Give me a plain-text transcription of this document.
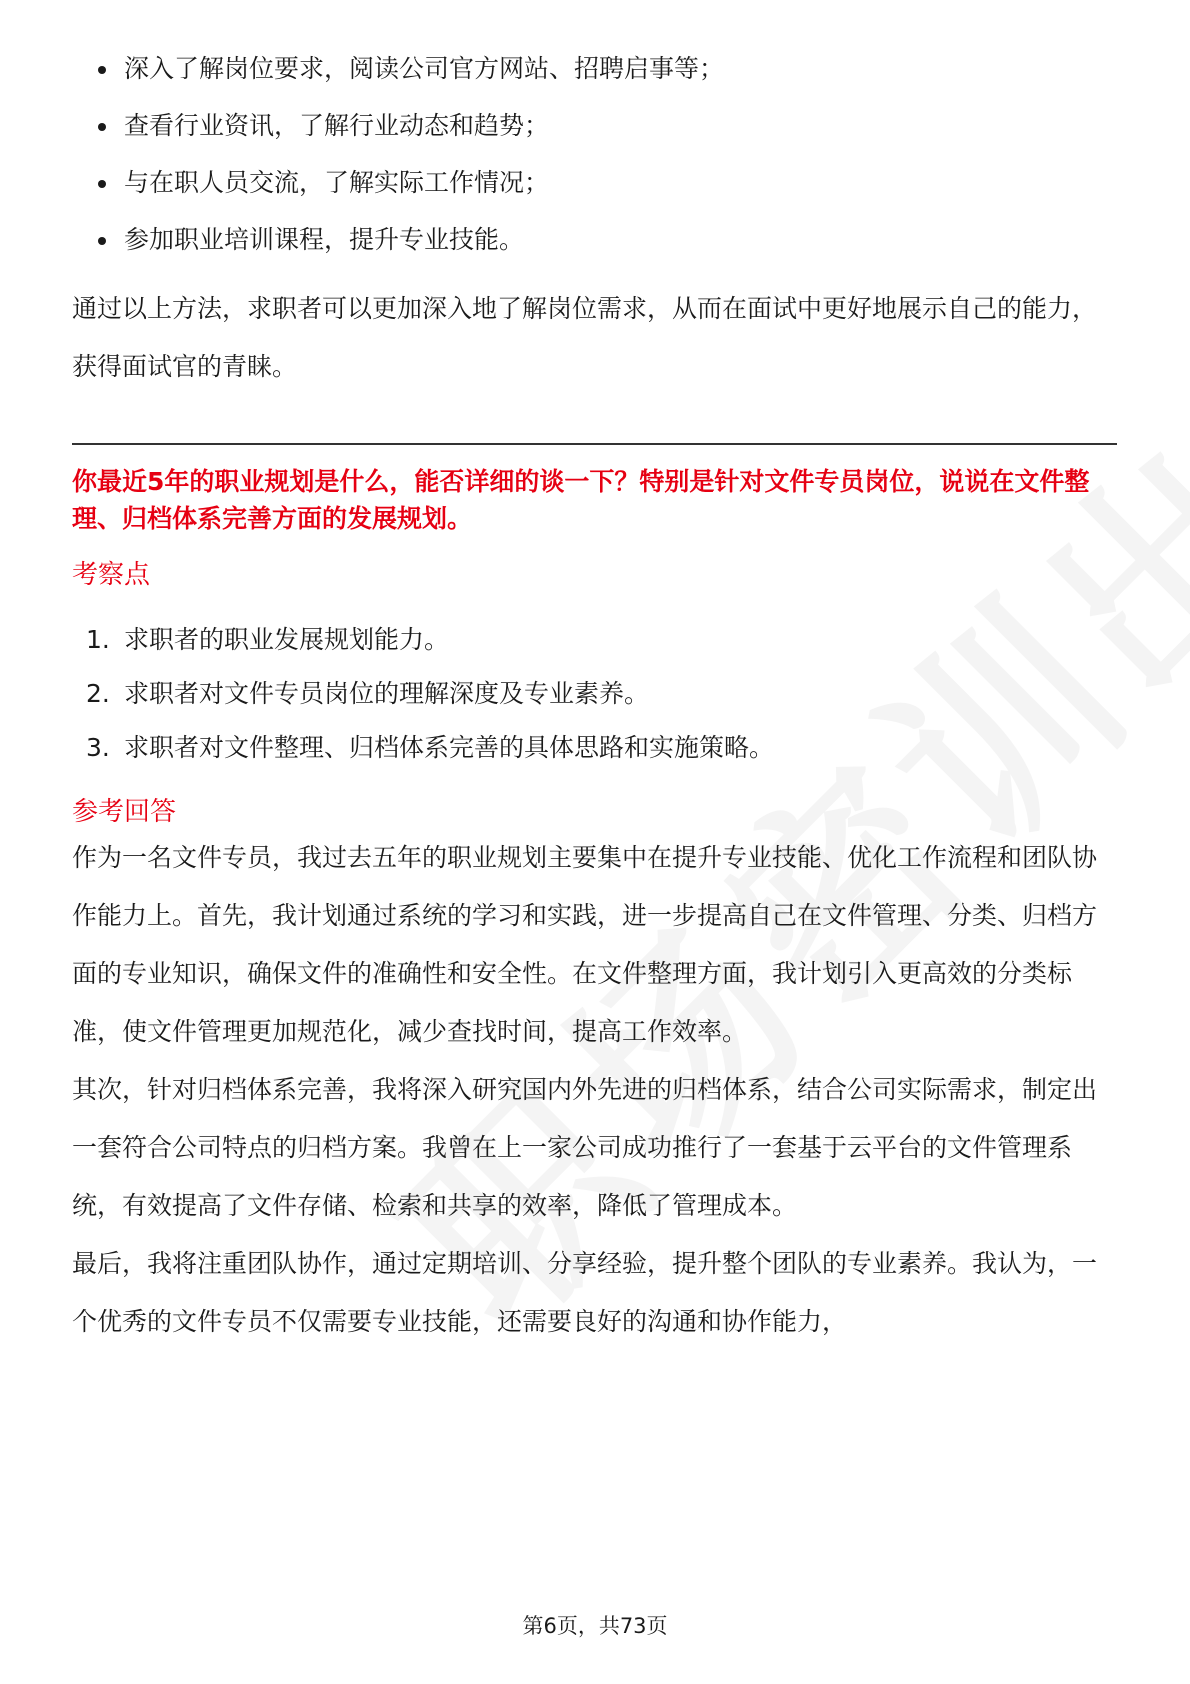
深入了解岗位要求，阅读公司官方网站、招聘启事等；
查看行业资讯，了解行业动态和趋势；
与在职人员交流，了解实际工作情况；
参加职业培训课程，提升专业技能。

通过以上方法，求职者可以更加深入地了解岗位需求，从而在面试中更好地展示自己的能力，获得面试官的青睐。

你最近5年的职业规划是什么，能否详细的谈一下？特别是针对文件专员岗位，说说在文件整理、归档体系完善方面的发展规划。
考察点
1. 求职者的职业发展规划能力。
2. 求职者对文件专员岗位的理解深度及专业素养。
3. 求职者对文件整理、归档体系完善的具体思路和实施策略。
参考回答

作为一名文件专员，我过去五年的职业规划主要集中在提升专业技能、优化工作流程和团队协作能力上。首先，我计划通过系统的学习和实践，进一步提高自己在文件管理、分类、归档方面的专业知识，确保文件的准确性和安全性。在文件整理方面，我计划引入更高效的分类标准，使文件管理更加规范化，减少查找时间，提高工作效率。

其次，针对归档体系完善，我将深入研究国内外先进的归档体系，结合公司实际需求，制定出一套符合公司特点的归档方案。我曾在上一家公司成功推行了一套基于云平台的文件管理系统，有效提高了文件存储、检索和共享的效率，降低了管理成本。

最后，我将注重团队协作，通过定期培训、分享经验，提升整个团队的专业素养。我认为，一个优秀的文件专员不仅需要专业技能，还需要良好的沟通和协作能力，

第6页，共73页
